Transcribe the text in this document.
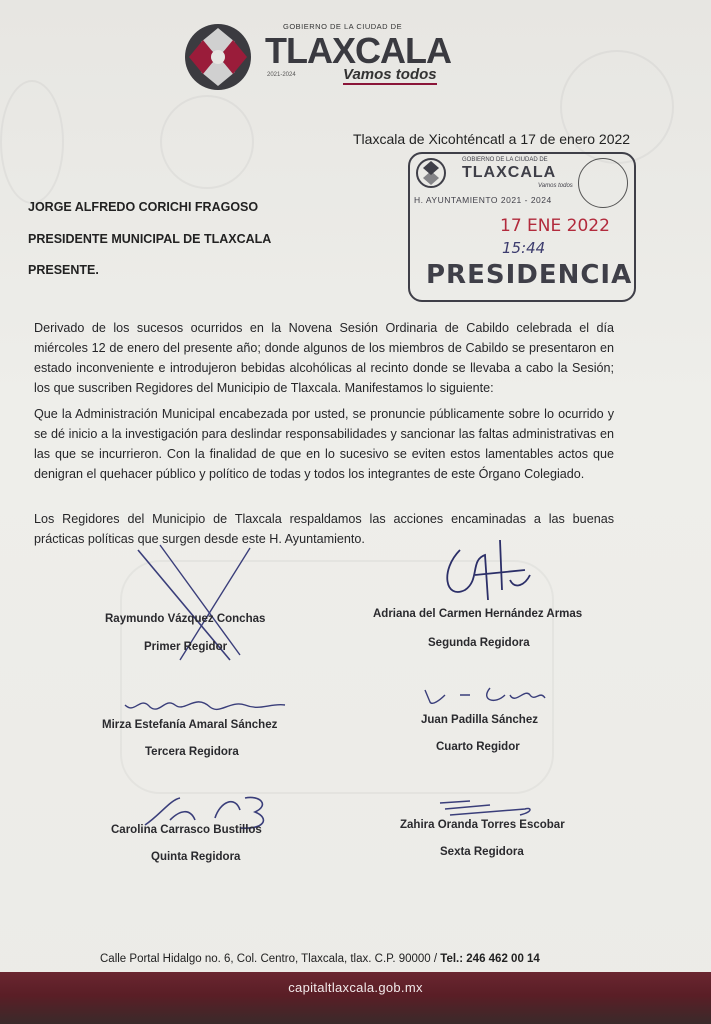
GOBIERNO DE LA CIUDAD DE
TLAXCALA
2021-2024	Vamos todos
Tlaxcala de Xicohténcatl a 17 de enero 2022
JORGE ALFREDO CORICHI FRAGOSO
PRESIDENTE MUNICIPAL DE TLAXCALA
PRESENTE.
GOBIERNO DE LA CIUDAD DE
TLAXCALA
Vamos todos
H. AYUNTAMIENTO 2021 - 2024
17 ENE 2022
15:44
PRESIDENCIA
Derivado de los sucesos ocurridos en la Novena Sesión Ordinaria de Cabildo celebrada el día miércoles 12 de enero del presente año; donde algunos de los miembros de Cabildo se presentaron en estado inconveniente e introdujeron bebidas alcohólicas al recinto donde se llevaba a cabo la Sesión; los que suscriben Regidores del Municipio de Tlaxcala. Manifestamos lo siguiente:
Que la Administración Municipal encabezada por usted, se pronuncie públicamente sobre lo ocurrido y se dé inicio a la investigación para deslindar responsabilidades y sancionar las faltas administrativas en las que se incurrieron. Con la finalidad de que en lo sucesivo se eviten estos lamentables actos que denigran el quehacer público y político de todas y todos los integrantes de este Órgano Colegiado.
Los Regidores del Municipio de Tlaxcala respaldamos las acciones encaminadas a las buenas prácticas políticas que surgen desde este H. Ayuntamiento.
Raymundo Vázquez Conchas
Primer Regidor
Adriana del Carmen Hernández Armas
Segunda Regidora
Mirza Estefanía Amaral Sánchez
Tercera Regidora
Juan Padilla Sánchez
Cuarto Regidor
Carolina Carrasco Bustillos
Quinta Regidora
Zahira Oranda Torres Escobar
Sexta Regidora
Calle Portal Hidalgo no. 6, Col. Centro, Tlaxcala, tlax. C.P. 90000 / Tel.: 246 462 00 14
capitaltlaxcala.gob.mx
